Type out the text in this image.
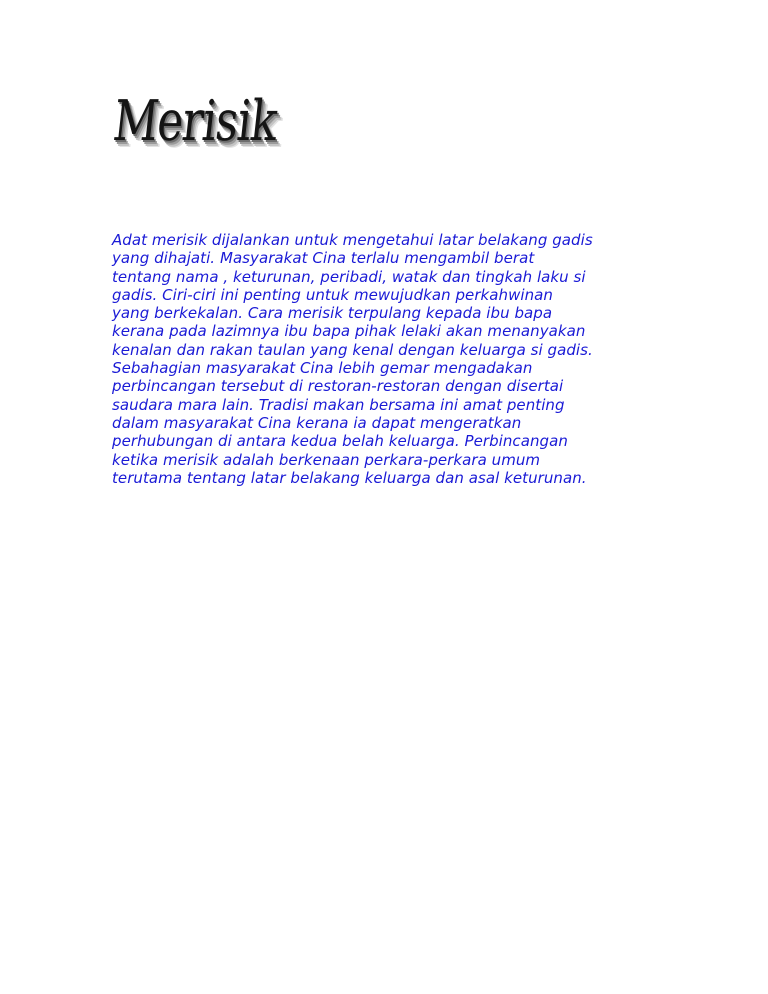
Merisik

Adat merisik dijalankan untuk mengetahui latar belakang gadis
yang dihajati. Masyarakat Cina terlalu mengambil berat
tentang nama , keturunan, peribadi, watak dan tingkah laku si
gadis. Ciri-ciri ini penting untuk mewujudkan perkahwinan
yang berkekalan. Cara merisik terpulang kepada ibu bapa
kerana pada lazimnya ibu bapa pihak lelaki akan menanyakan
kenalan dan rakan taulan yang kenal dengan keluarga si gadis.
Sebahagian masyarakat Cina lebih gemar mengadakan
perbincangan tersebut di restoran-restoran dengan disertai
saudara mara lain. Tradisi makan bersama ini amat penting
dalam masyarakat Cina kerana ia dapat mengeratkan
perhubungan di antara kedua belah keluarga. Perbincangan
ketika merisik adalah berkenaan perkara-perkara umum
terutama tentang latar belakang keluarga dan asal keturunan.
